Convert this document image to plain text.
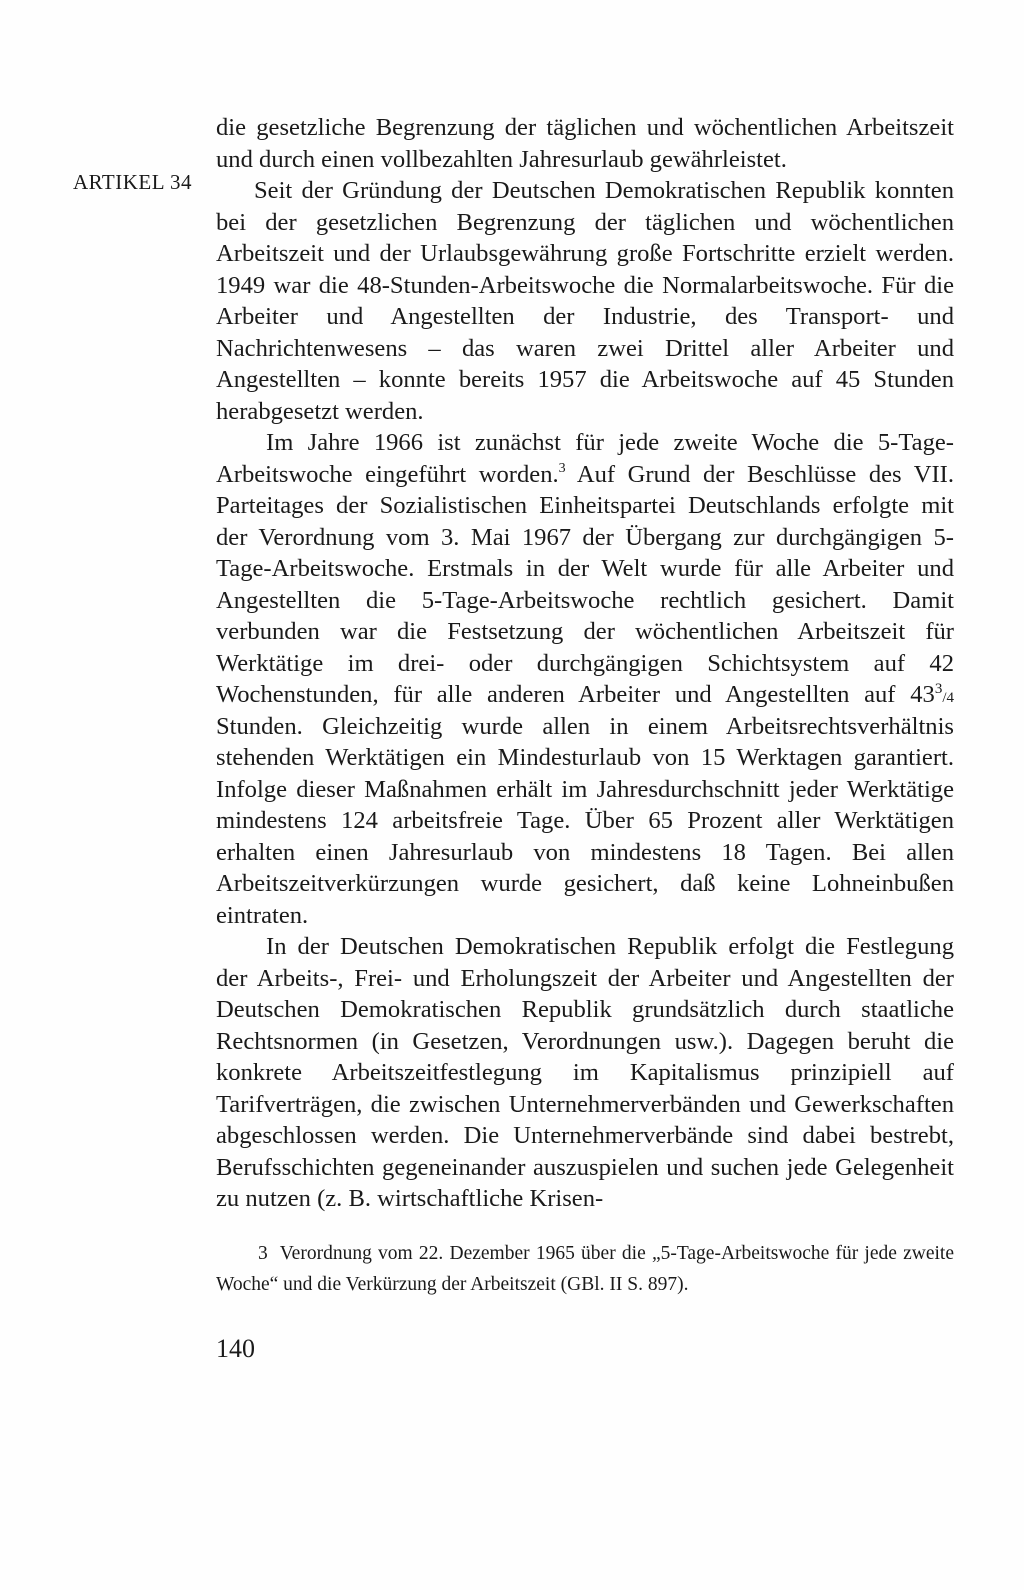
ARTIKEL 34

die gesetzliche Begrenzung der täglichen und wöchentlichen Arbeitszeit und durch einen vollbezahlten Jahresurlaub gewährleistet.

Seit der Gründung der Deutschen Demokratischen Republik konnten bei der gesetzlichen Begrenzung der täglichen und wöchentlichen Arbeitszeit und der Urlaubsgewährung große Fortschritte erzielt werden. 1949 war die 48-Stunden-Arbeitswoche die Normalarbeitswoche. Für die Arbeiter und Angestellten der Industrie, des Transport- und Nachrichtenwesens – das waren zwei Drittel aller Arbeiter und Angestellten – konnte bereits 1957 die Arbeitswoche auf 45 Stunden herabgesetzt werden.

Im Jahre 1966 ist zunächst für jede zweite Woche die 5-Tage-Arbeitswoche eingeführt worden.$^3$ Auf Grund der Beschlüsse des VII. Parteitages der Sozialistischen Einheitspartei Deutschlands erfolgte mit der Verordnung vom 3. Mai 1967 der Übergang zur durchgängigen 5-Tage-Arbeitswoche. Erstmals in der Welt wurde für alle Arbeiter und Angestellten die 5-Tage-Arbeitswoche rechtlich gesichert. Damit verbunden war die Festsetzung der wöchentlichen Arbeitszeit für Werktätige im drei- oder durchgängigen Schichtsystem auf 42 Wochenstunden, für alle anderen Arbeiter und Angestellten auf $43^3/4$ Stunden. Gleichzeitig wurde allen in einem Arbeitsrechtsverhältnis stehenden Werktätigen ein Mindesturlaub von 15 Werktagen garantiert. Infolge dieser Maßnahmen erhält im Jahresdurchschnitt jeder Werktätige mindestens 124 arbeitsfreie Tage. Über 65 Prozent aller Werktätigen erhalten einen Jahresurlaub von mindestens 18 Tagen. Bei allen Arbeitszeitverkürzungen wurde gesichert, daß keine Lohneinbußen eintraten.

In der Deutschen Demokratischen Republik erfolgt die Festlegung der Arbeits-, Frei- und Erholungszeit der Arbeiter und Angestellten der Deutschen Demokratischen Republik grundsätzlich durch staatliche Rechtsnormen (in Gesetzen, Verordnungen usw.). Dagegen beruht die konkrete Arbeitszeitfestlegung im Kapitalismus prinzipiell auf Tarifverträgen, die zwischen Unternehmerverbänden und Gewerkschaften abgeschlossen werden. Die Unternehmerverbände sind dabei bestrebt, Berufsschichten gegeneinander auszuspielen und suchen jede Gelegenheit zu nutzen (z. B. wirtschaftliche Krisen-

3 Verordnung vom 22. Dezember 1965 über die „5-Tage-Arbeitswoche für jede zweite Woche“ und die Verkürzung der Arbeitszeit (GBl. II S. 897).

140
